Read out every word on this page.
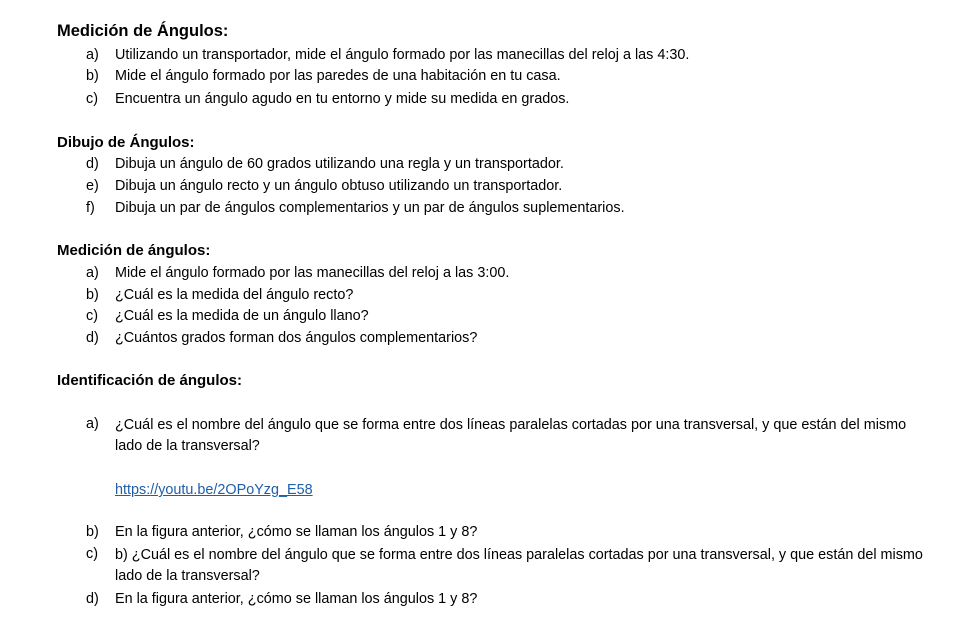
Medición de Ángulos:
a) Utilizando un transportador, mide el ángulo formado por las manecillas del reloj a las 4:30.
b) Mide el ángulo formado por las paredes de una habitación en tu casa.
c) Encuentra un ángulo agudo en tu entorno y mide su medida en grados.
Dibujo de Ángulos:
d) Dibuja un ángulo de 60 grados utilizando una regla y un transportador.
e) Dibuja un ángulo recto y un ángulo obtuso utilizando un transportador.
f) Dibuja un par de ángulos complementarios y un par de ángulos suplementarios.
Medición de ángulos:
a) Mide el ángulo formado por las manecillas del reloj a las 3:00.
b) ¿Cuál es la medida del ángulo recto?
c) ¿Cuál es la medida de un ángulo llano?
d) ¿Cuántos grados forman dos ángulos complementarios?
Identificación de ángulos:
a) ¿Cuál es el nombre del ángulo que se forma entre dos líneas paralelas cortadas por una transversal, y que están del mismo lado de la transversal?
https://youtu.be/2OPoYzg_E58
b) En la figura anterior, ¿cómo se llaman los ángulos 1 y 8?
c) b) ¿Cuál es el nombre del ángulo que se forma entre dos líneas paralelas cortadas por una transversal, y que están del mismo lado de la transversal?
d) En la figura anterior, ¿cómo se llaman los ángulos 1 y 8?
